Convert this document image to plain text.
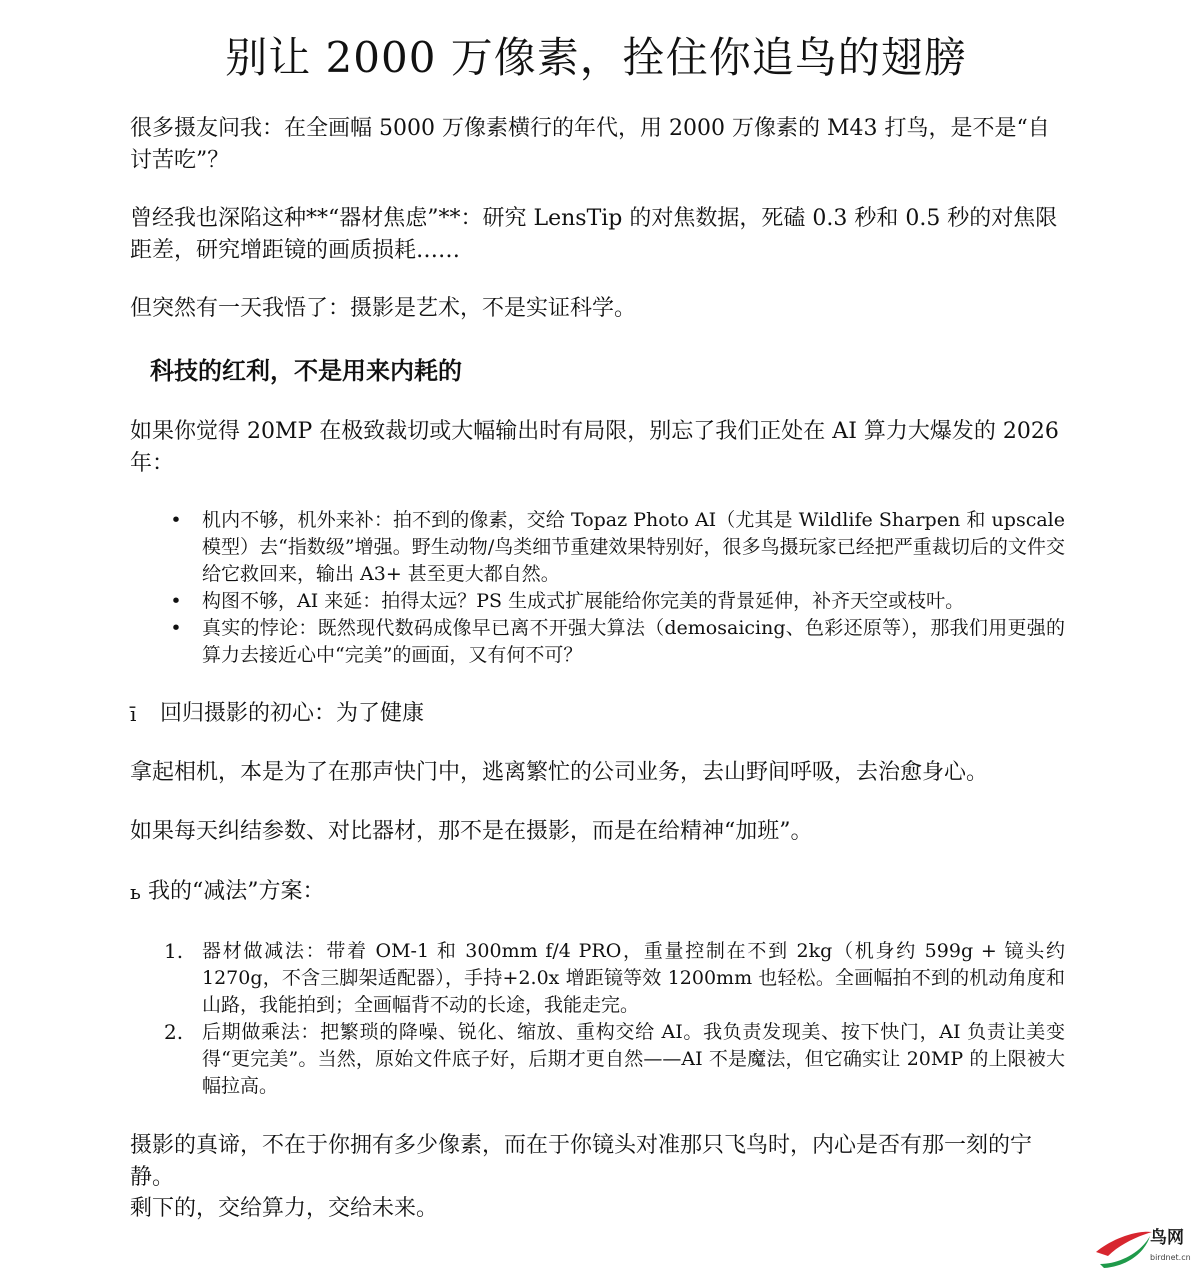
别让 2000 万像素，拴住你追鸟的翅膀

很多摄友问我：在全画幅 5000 万像素横行的年代，用 2000 万像素的 M43 打鸟，是不是“自讨苦吃”？

曾经我也深陷这种**“器材焦虑”**：研究 LensTip 的对焦数据，死磕 0.3 秒和 0.5 秒的对焦限距差，研究增距镜的画质损耗……

但突然有一天我悟了：摄影是艺术，不是实证科学。

科技的红利，不是用来内耗的

如果你觉得 20MP 在极致裁切或大幅输出时有局限，别忘了我们正处在 AI 算力大爆发的 2026 年：

• 机内不够，机外来补：拍不到的像素，交给 Topaz Photo AI（尤其是 Wildlife Sharpen 和 upscale 模型）去“指数级”增强。野生动物/鸟类细节重建效果特别好，很多鸟摄玩家已经把严重裁切后的文件交给它救回来，输出 A3+ 甚至更大都自然。
• 构图不够，AI 来延：拍得太远？PS 生成式扩展能给你完美的背景延伸，补齐天空或枝叶。
• 真实的悖论：既然现代数码成像早已离不开强大算法（demosaicing、色彩还原等），那我们用更强的算力去接近心中“完美”的画面，又有何不可？
ī 回归摄影的初心：为了健康

拿起相机，本是为了在那声快门中，逃离繁忙的公司业务，去山野间呼吸，去治愈身心。

如果每天纠结参数、对比器材，那不是在摄影，而是在给精神“加班”。

ь 我的“减法”方案：

1. 器材做减法：带着 OM-1 和 300mm f/4 PRO，重量控制在不到 2kg（机身约 599g + 镜头约 1270g，不含三脚架适配器），手持+2.0x 增距镜等效 1200mm 也轻松。全画幅拍不到的机动角度和山路，我能拍到；全画幅背不动的长途，我能走完。
2. 后期做乘法：把繁琐的降噪、锐化、缩放、重构交给 AI。我负责发现美、按下快门，AI 负责让美变得“更完美”。当然，原始文件底子好，后期才更自然——AI 不是魔法，但它确实让 20MP 的上限被大幅拉高。

摄影的真谛，不在于你拥有多少像素，而在于你镜头对准那只飞鸟时，内心是否有那一刻的宁静。

剩下的，交给算力，交给未来。

鸟网
birdnet.cn
